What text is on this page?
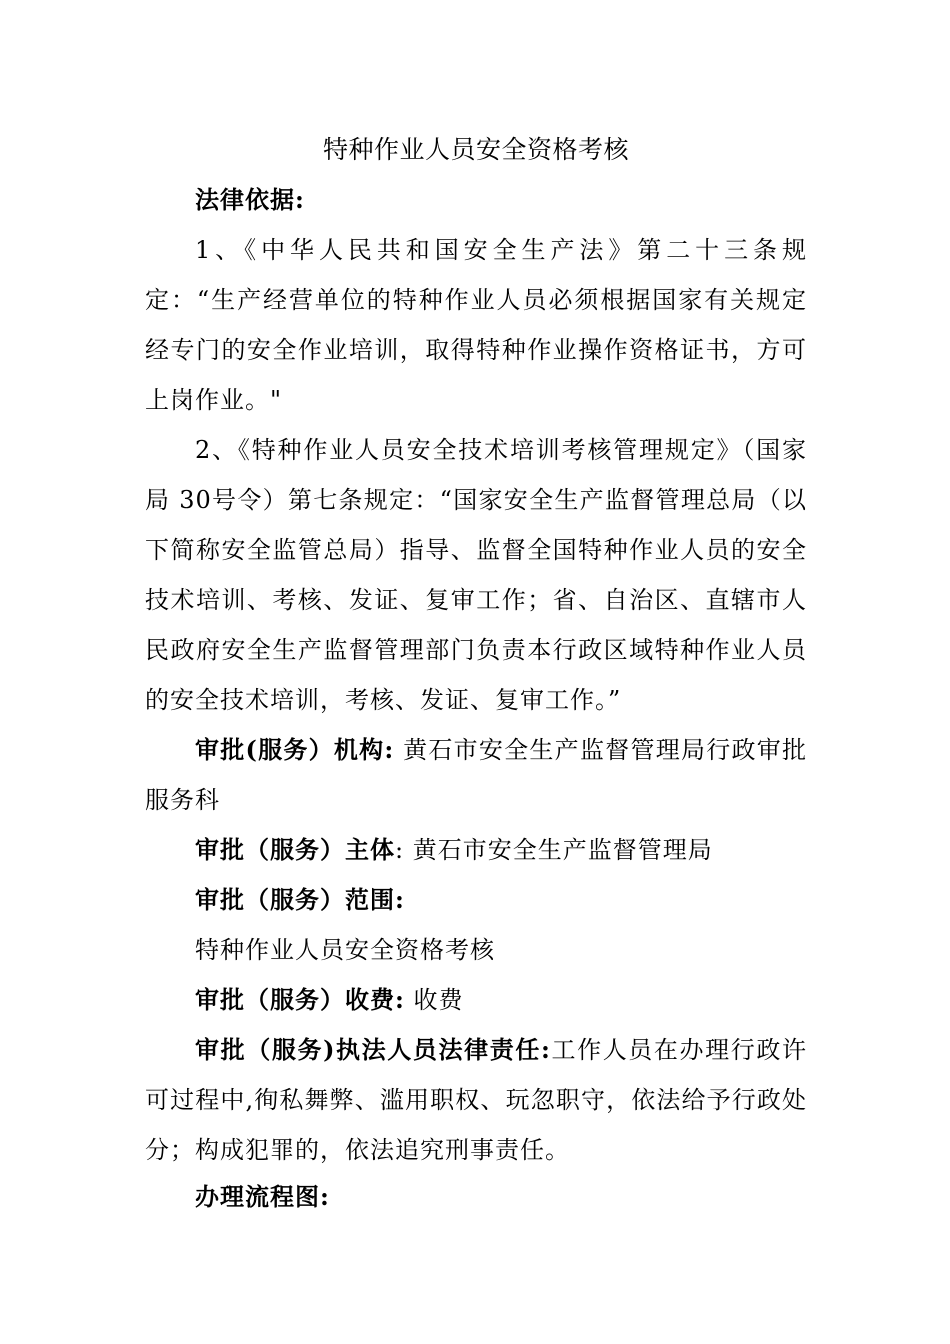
特种作业人员安全资格考核
法律依据:
1、《中华人民共和国安全生产法》第二十三条规定：“生产经营单位的特种作业人员必须根据国家有关规定经专门的安全作业培训，取得特种作业操作资格证书，方可上岗作业。"
2、《特种作业人员安全技术培训考核管理规定》（国家局 30号令）第七条规定：“国家安全生产监督管理总局（以下简称安全监管总局）指导、监督全国特种作业人员的安全技术培训、考核、发证、复审工作；省、自治区、直辖市人民政府安全生产监督管理部门负责本行政区域特种作业人员的安全技术培训，考核、发证、复审工作。”
审批(服务）机构: 黄石市安全生产监督管理局行政审批服务科
审批（服务）主体: 黄石市安全生产监督管理局
审批（服务）范围:
特种作业人员安全资格考核
审批（服务）收费: 收费
审批（服务)执法人员法律责任:工作人员在办理行政许可过程中,徇私舞弊、滥用职权、玩忽职守，依法给予行政处分；构成犯罪的，依法追究刑事责任。
办理流程图:
